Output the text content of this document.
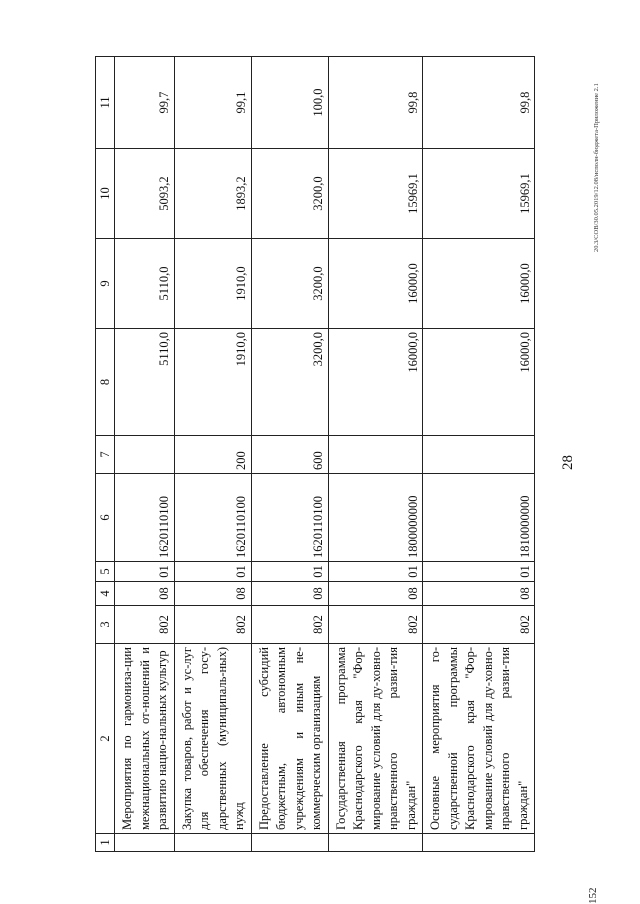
28
20.3/СОВ/30.05.2019/12.08/исполн-бюджета-Приложение 2.1
152
1	2	3	4	5	6	7	8	9	10	11
	Мероприятия по гармониза-ции межнациональных от-ношений и развитию нацио-нальных культур	802	08	01	1620110100		5110,0	5110,0	5093,2	99,7
	Закупка товаров, работ и ус-луг для обеспечения госу-дарственных (муниципаль-ных) нужд	802	08	01	1620110100	200	1910,0	1910,0	1893,2	99,1
	Предоставление субсидий бюджетным, автономным учреждениям и иным не-коммерческим организациям	802	08	01	1620110100	600	3200,0	3200,0	3200,0	100,0
	Государственная программа Краснодарского края "Фор-мирование условий для ду-ховно-нравственного разви-тия граждан"	802	08	01	1800000000		16000,0	16000,0	15969,1	99,8
	Основные мероприятия го-сударственной программы Краснодарского края "Фор-мирование условий для ду-ховно-нравственного разви-тия граждан"	802	08	01	1810000000		16000,0	16000,0	15969,1	99,8
